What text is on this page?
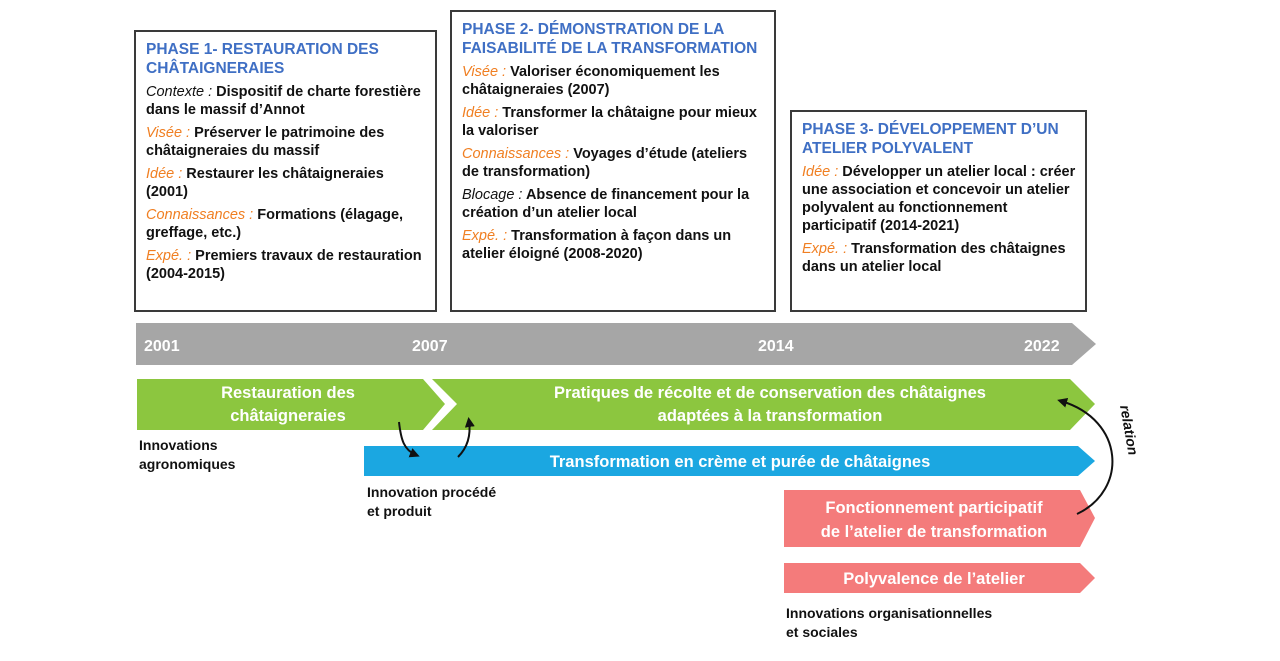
PHASE 1- RESTAURATION DES CHÂTAIGNERAIES
Contexte : Dispositif de charte forestière dans le massif d’Annot
Visée : Préserver le patrimoine des châtaigneraies du massif
Idée : Restaurer les châtaigneraies (2001)
Connaissances : Formations (élagage, greffage, etc.)
Expé. : Premiers travaux de restauration (2004-2015)
PHASE 2- DÉMONSTRATION DE LA FAISABILITÉ DE LA TRANSFORMATION
Visée : Valoriser économiquement les châtaigneraies (2007)
Idée : Transformer la châtaigne pour mieux la valoriser
Connaissances : Voyages d’étude (ateliers de transformation)
Blocage : Absence de financement pour la création d’un atelier local
Expé. : Transformation à façon dans un atelier éloigné (2008-2020)
PHASE 3- DÉVELOPPEMENT D’UN ATELIER POLYVALENT
Idée : Développer un atelier local : créer une association et concevoir un atelier polyvalent au fonctionnement participatif (2014-2021)
Expé. : Transformation des châtaignes dans un atelier local
2001	2007	2014	2022
Restauration des
châtaigneraies
Pratiques de récolte et de conservation des châtaignes
adaptées à la transformation
Transformation en crème et purée de châtaignes
Fonctionnement participatif
de l’atelier de transformation
Polyvalence de l’atelier
relation
Innovations
agronomiques
Innovation procédé
et produit
Innovations organisationnelles
et sociales
